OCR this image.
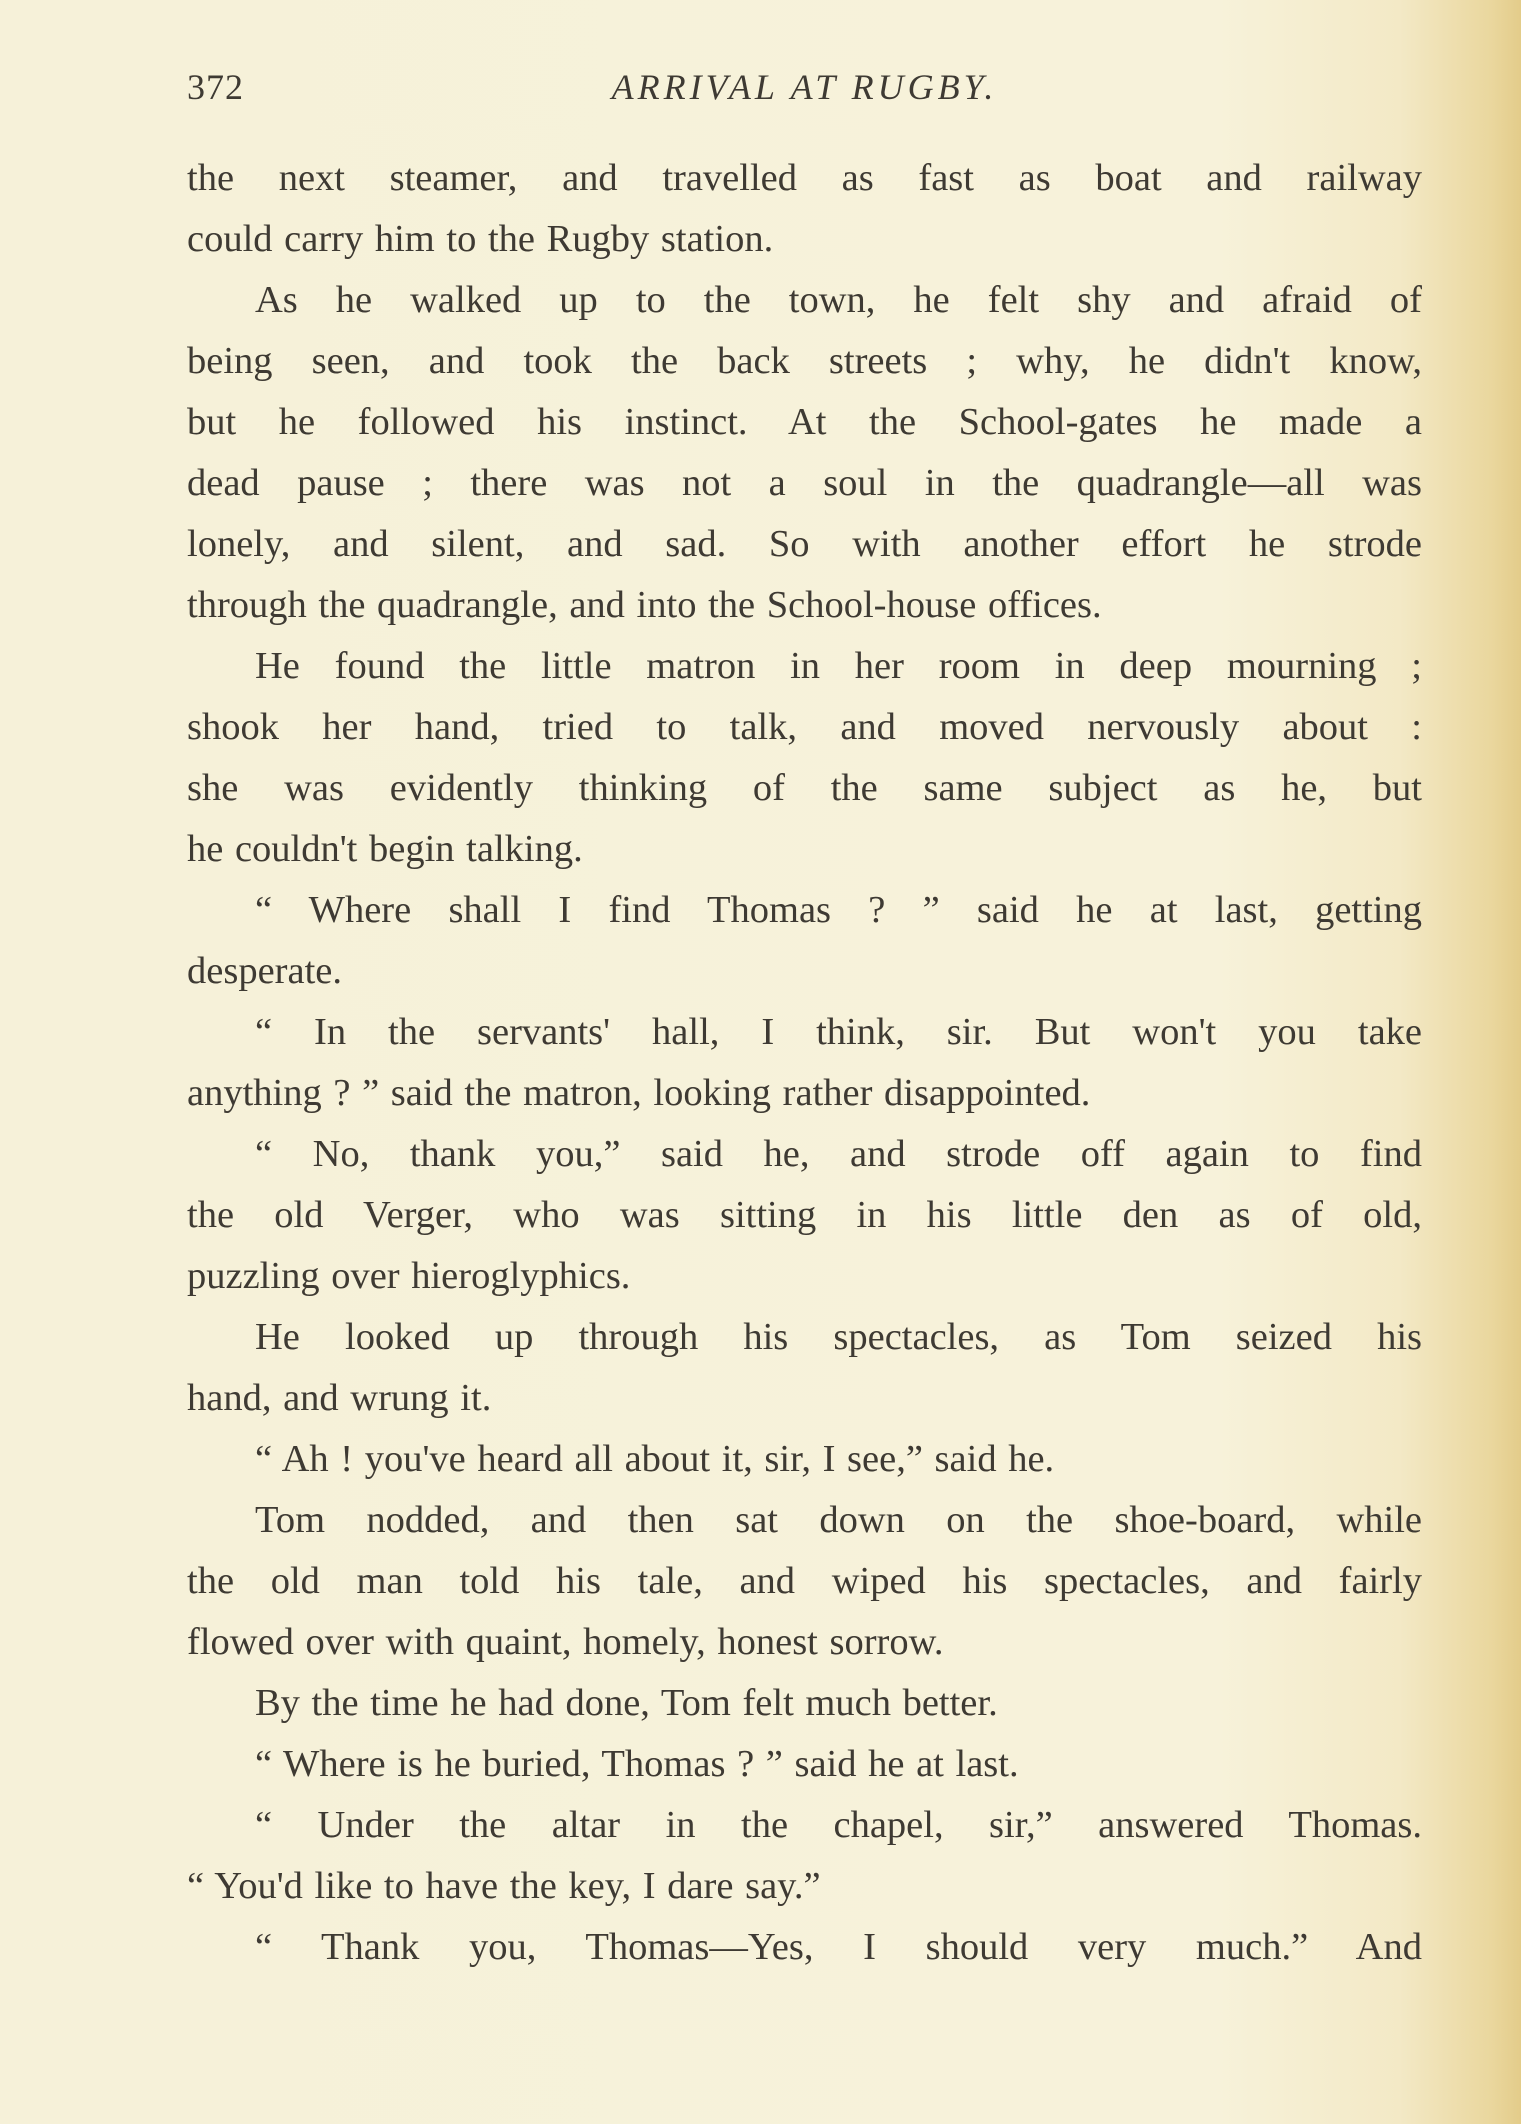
372	ARRIVAL AT RUGBY.
the next steamer, and travelled as fast as boat and railway
could carry him to the Rugby station.
As he walked up to the town, he felt shy and afraid of
being seen, and took the back streets ; why, he didn't know,
but he followed his instinct. At the School-gates he made a
dead pause ; there was not a soul in the quadrangle—all was
lonely, and silent, and sad. So with another effort he strode
through the quadrangle, and into the School-house offices.
He found the little matron in her room in deep mourning ;
shook her hand, tried to talk, and moved nervously about :
she was evidently thinking of the same subject as he, but
he couldn't begin talking.
“ Where shall I find Thomas ? ” said he at last, getting
desperate.
“ In the servants' hall, I think, sir. But won't you take
anything ? ” said the matron, looking rather disappointed.
“ No, thank you,” said he, and strode off again to find
the old Verger, who was sitting in his little den as of old,
puzzling over hieroglyphics.
He looked up through his spectacles, as Tom seized his
hand, and wrung it.
“ Ah ! you've heard all about it, sir, I see,” said he.
Tom nodded, and then sat down on the shoe-board, while
the old man told his tale, and wiped his spectacles, and fairly
flowed over with quaint, homely, honest sorrow.
By the time he had done, Tom felt much better.
“ Where is he buried, Thomas ? ” said he at last.
“ Under the altar in the chapel, sir,” answered Thomas.
“ You'd like to have the key, I dare say.”
“ Thank you, Thomas—Yes, I should very much.” And
